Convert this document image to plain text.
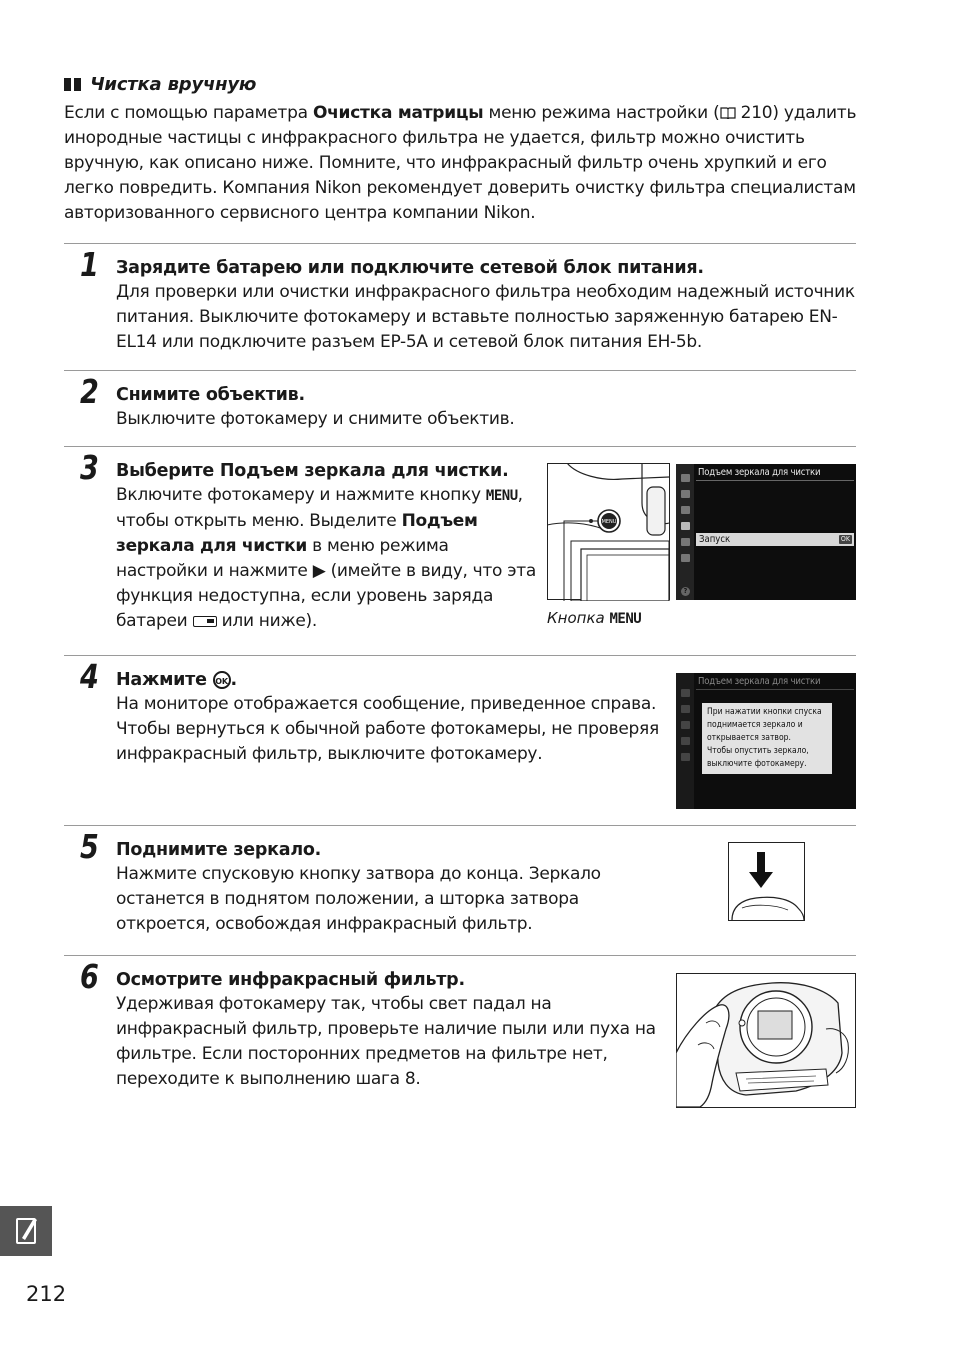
Чистка вручную
Если с помощью параметра Очистка матрицы меню режима настройки ( 210) удалить инородные частицы с инфракрасного фильтра не удается, фильтр можно очистить вручную, как описано ниже. Помните, что инфракрасный фильтр очень хрупкий и его легко повредить. Компания Nikon рекомендует доверить очистку фильтра специалистам авторизованного сервисного центра компании Nikon.
1 Зарядите батарею или подключите сетевой блок питания.
Для проверки или очистки инфракрасного фильтра необходим надежный источник питания. Выключите фотокамеру и вставьте полностью заряженную батарею EN-EL14 или подключите разъем EP-5A и сетевой блок питания EH-5b.
2 Снимите объектив.
Выключите фотокамеру и снимите объектив.
3 Выберите Подъем зеркала для чистки.
Включите фотокамеру и нажмите кнопку MENU, чтобы открыть меню. Выделите Подъем зеркала для чистки в меню режима настройки и нажмите ▶ (имейте в виду, что эта функция недоступна, если уровень заряда батареи  или ниже).
MENU
Кнопка MENU
Подъем зеркала для чистки
Запуск	OK
?
4 Нажмите OK .
На мониторе отображается сообщение, приведенное справа. Чтобы вернуться к обычной работе фотокамеры, не проверяя инфракрасный фильтр, выключите фотокамеру.
Подъем зеркала для чистки
При нажатии кнопки спуска
поднимается зеркало и
открывается затвор.
Чтобы опустить зеркало,
выключите фотокамеру.
5 Поднимите зеркало.
Нажмите спусковую кнопку затвора до конца. Зеркало останется в поднятом положении, а шторка затвора откроется, освобождая инфракрасный фильтр.
6 Осмотрите инфракрасный фильтр.
Удерживая фотокамеру так, чтобы свет падал на инфракрасный фильтр, проверьте наличие пыли или пуха на фильтре. Если посторонних предметов на фильтре нет, переходите к выполнению шага 8.
212
